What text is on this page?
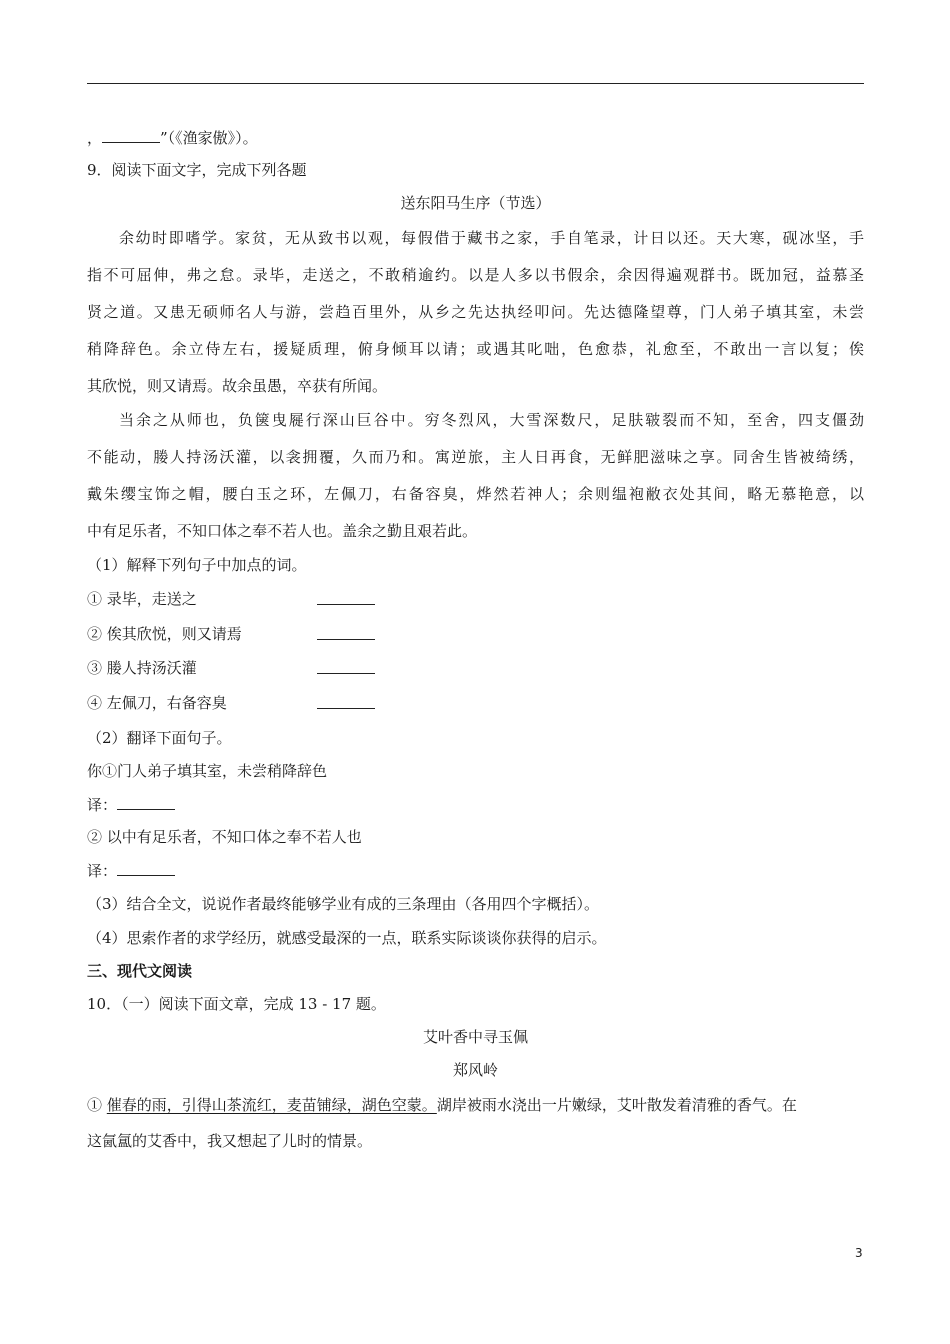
，	”（《渔家傲》）。
9．阅读下面文字，完成下列各题
送东阳马生序（节选）
余幼时即嗜学。家贫，无从致书以观，每假借于藏书之家，手自笔录，计日以还。天大寒，砚冰坚，手
指不可屈伸，弗之怠。录毕，走送之，不敢稍逾约。以是人多以书假余，余因得遍观群书。既加冠，益慕圣
贤之道。又患无硕师名人与游，尝趋百里外，从乡之先达执经叩问。先达德隆望尊，门人弟子填其室，未尝
稍降辞色。余立侍左右，援疑质理，俯身倾耳以请；或遇其叱咄，色愈恭，礼愈至，不敢出一言以复；俟
其欣悦，则又请焉。故余虽愚，卒获有所闻。
当余之从师也，负箧曳屣行深山巨谷中。穷冬烈风，大雪深数尺，足肤皲裂而不知，至舍，四支僵劲
不能动，媵人持汤沃灌，以衾拥覆，久而乃和。寓逆旅，主人日再食，无鲜肥滋味之享。同舍生皆被绮绣，
戴朱缨宝饰之帽，腰白玉之环，左佩刀，右备容臭，烨然若神人；余则缊袍敝衣处其间，略无慕艳意，以
中有足乐者，不知口体之奉不若人也。盖余之勤且艰若此。
（1）解释下列句子中加点的词。
① 录毕，走送之
② 俟其欣悦，则又请焉
③ 媵人持汤沃灌
④ 左佩刀，右备容臭
（2）翻译下面句子。
你①门人弟子填其室，未尝稍降辞色
译：
② 以中有足乐者，不知口体之奉不若人也
译：
（3）结合全文，说说作者最终能够学业有成的三条理由（各用四个字概括）。
（4）思索作者的求学经历，就感受最深的一点，联系实际谈谈你获得的启示。
三、现代文阅读
10．（一）阅读下面文章，完成 13 - 17 题。
艾叶香中寻玉佩
郑风岭
① 催春的雨，引得山茶流红，麦苗铺绿，湖色空蒙。湖岸被雨水浇出一片嫩绿，艾叶散发着清雅的香气。在
这氤氲的艾香中，我又想起了儿时的情景。
3
